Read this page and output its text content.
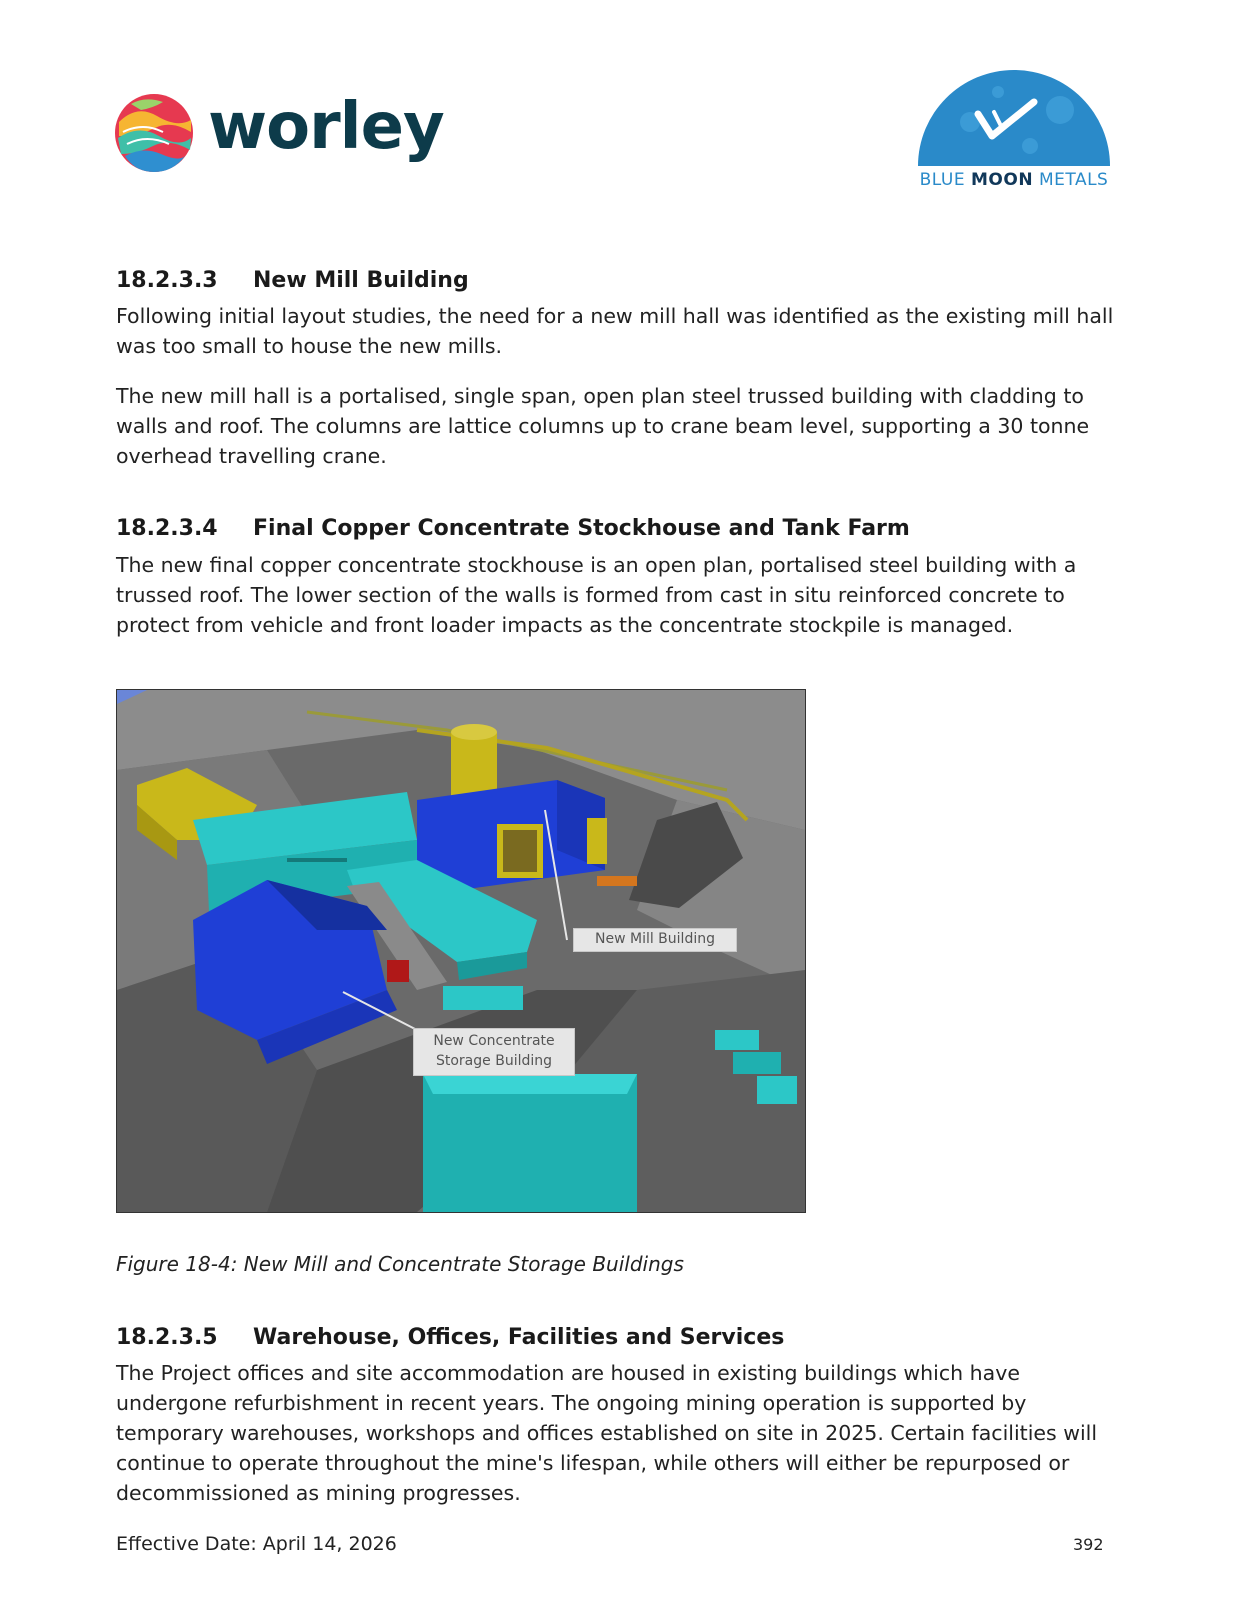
worley
BLUE MOON METALS
18.2.3.3 New Mill Building
Following initial layout studies, the need for a new mill hall was identified as the existing mill hall was too small to house the new mills.
The new mill hall is a portalised, single span, open plan steel trussed building with cladding to walls and roof. The columns are lattice columns up to crane beam level, supporting a 30 tonne overhead travelling crane.
18.2.3.4 Final Copper Concentrate Stockhouse and Tank Farm
The new final copper concentrate stockhouse is an open plan, portalised steel building with a trussed roof. The lower section of the walls is formed from cast in situ reinforced concrete to protect from vehicle and front loader impacts as the concentrate stockpile is managed.
New Mill Building
New Concentrate
Storage Building
Figure 18-4: New Mill and Concentrate Storage Buildings
18.2.3.5 Warehouse, Offices, Facilities and Services
The Project offices and site accommodation are housed in existing buildings which have undergone refurbishment in recent years. The ongoing mining operation is supported by temporary warehouses, workshops and offices established on site in 2025. Certain facilities will continue to operate throughout the mine's lifespan, while others will either be repurposed or decommissioned as mining progresses.
Effective Date: April 14, 2026	392
